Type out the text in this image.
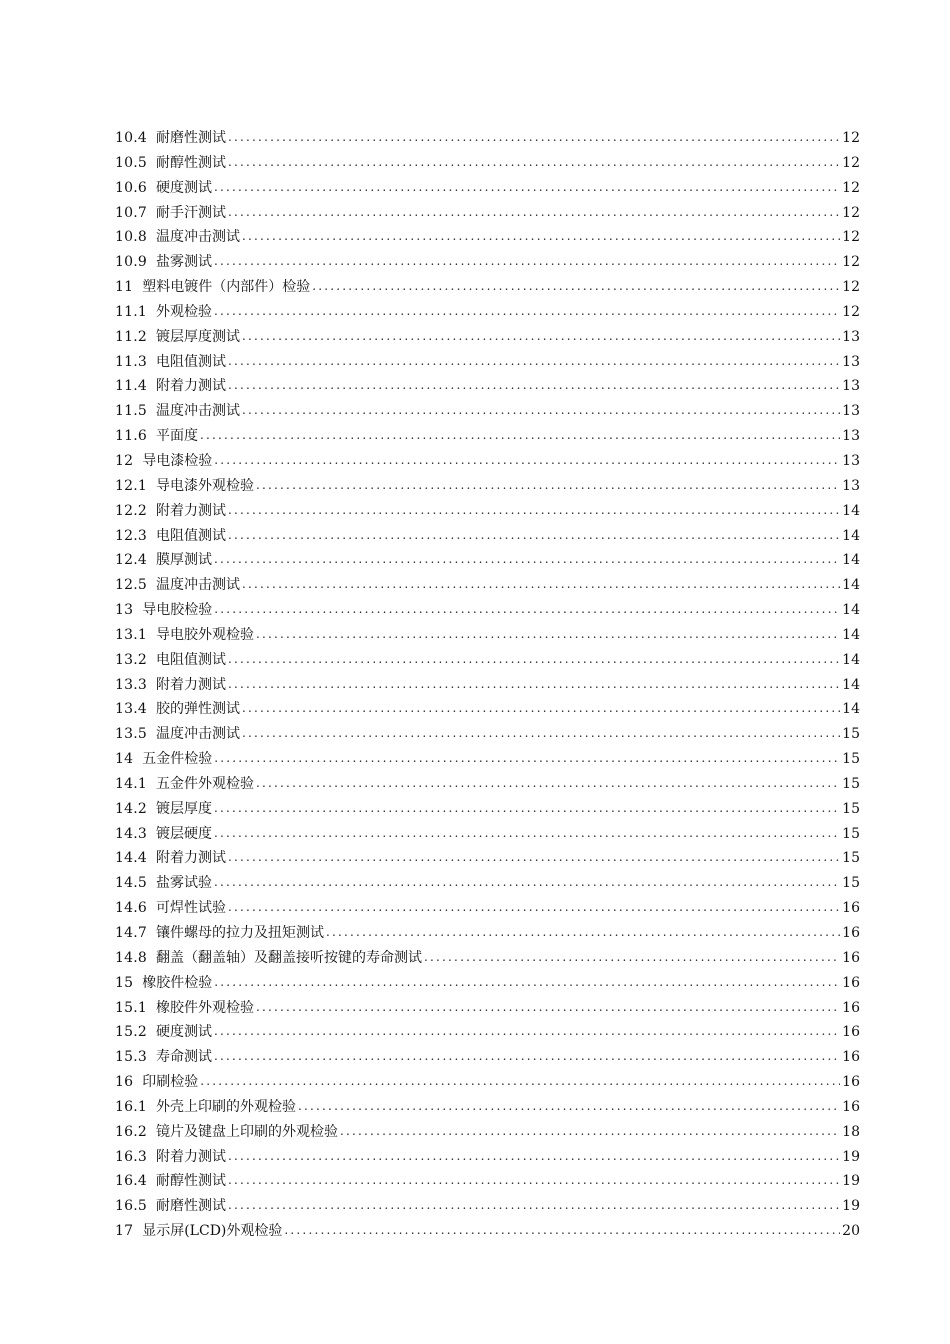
10.4 耐磨性测试 .....	12
10.5 耐醇性测试 .....	12
10.6 硬度测试 .....	12
10.7 耐手汗测试 .....	12
10.8 温度冲击测试 .....	12
10.9 盐雾测试 .....	12
11 塑料电镀件（内部件）检验 .....	12
11.1 外观检验 .....	12
11.2 镀层厚度测试 .....	13
11.3 电阻值测试 .....	13
11.4 附着力测试 .....	13
11.5 温度冲击测试 .....	13
11.6 平面度 .....	13
12 导电漆检验 .....	13
12.1 导电漆外观检验 .....	13
12.2 附着力测试 .....	14
12.3 电阻值测试 .....	14
12.4 膜厚测试 .....	14
12.5 温度冲击测试 .....	14
13 导电胶检验 .....	14
13.1 导电胶外观检验 .....	14
13.2 电阻值测试 .....	14
13.3 附着力测试 .....	14
13.4 胶的弹性测试 .....	14
13.5 温度冲击测试 .....	15
14 五金件检验 .....	15
14.1 五金件外观检验 .....	15
14.2 镀层厚度 .....	15
14.3 镀层硬度 .....	15
14.4 附着力测试 .....	15
14.5 盐雾试验 .....	15
14.6 可焊性试验 .....	16
14.7 镶件螺母的拉力及扭矩测试 .....	16
14.8 翻盖（翻盖轴）及翻盖接听按键的寿命测试 .....	16
15 橡胶件检验 .....	16
15.1 橡胶件外观检验 .....	16
15.2 硬度测试 .....	16
15.3 寿命测试 .....	16
16 印刷检验 .....	16
16.1 外壳上印刷的外观检验 .....	16
16.2 镜片及键盘上印刷的外观检验 .....	18
16.3 附着力测试 .....	19
16.4 耐醇性测试 .....	19
16.5 耐磨性测试 .....	19
17 显示屏(LCD)外观检验 .....	20
